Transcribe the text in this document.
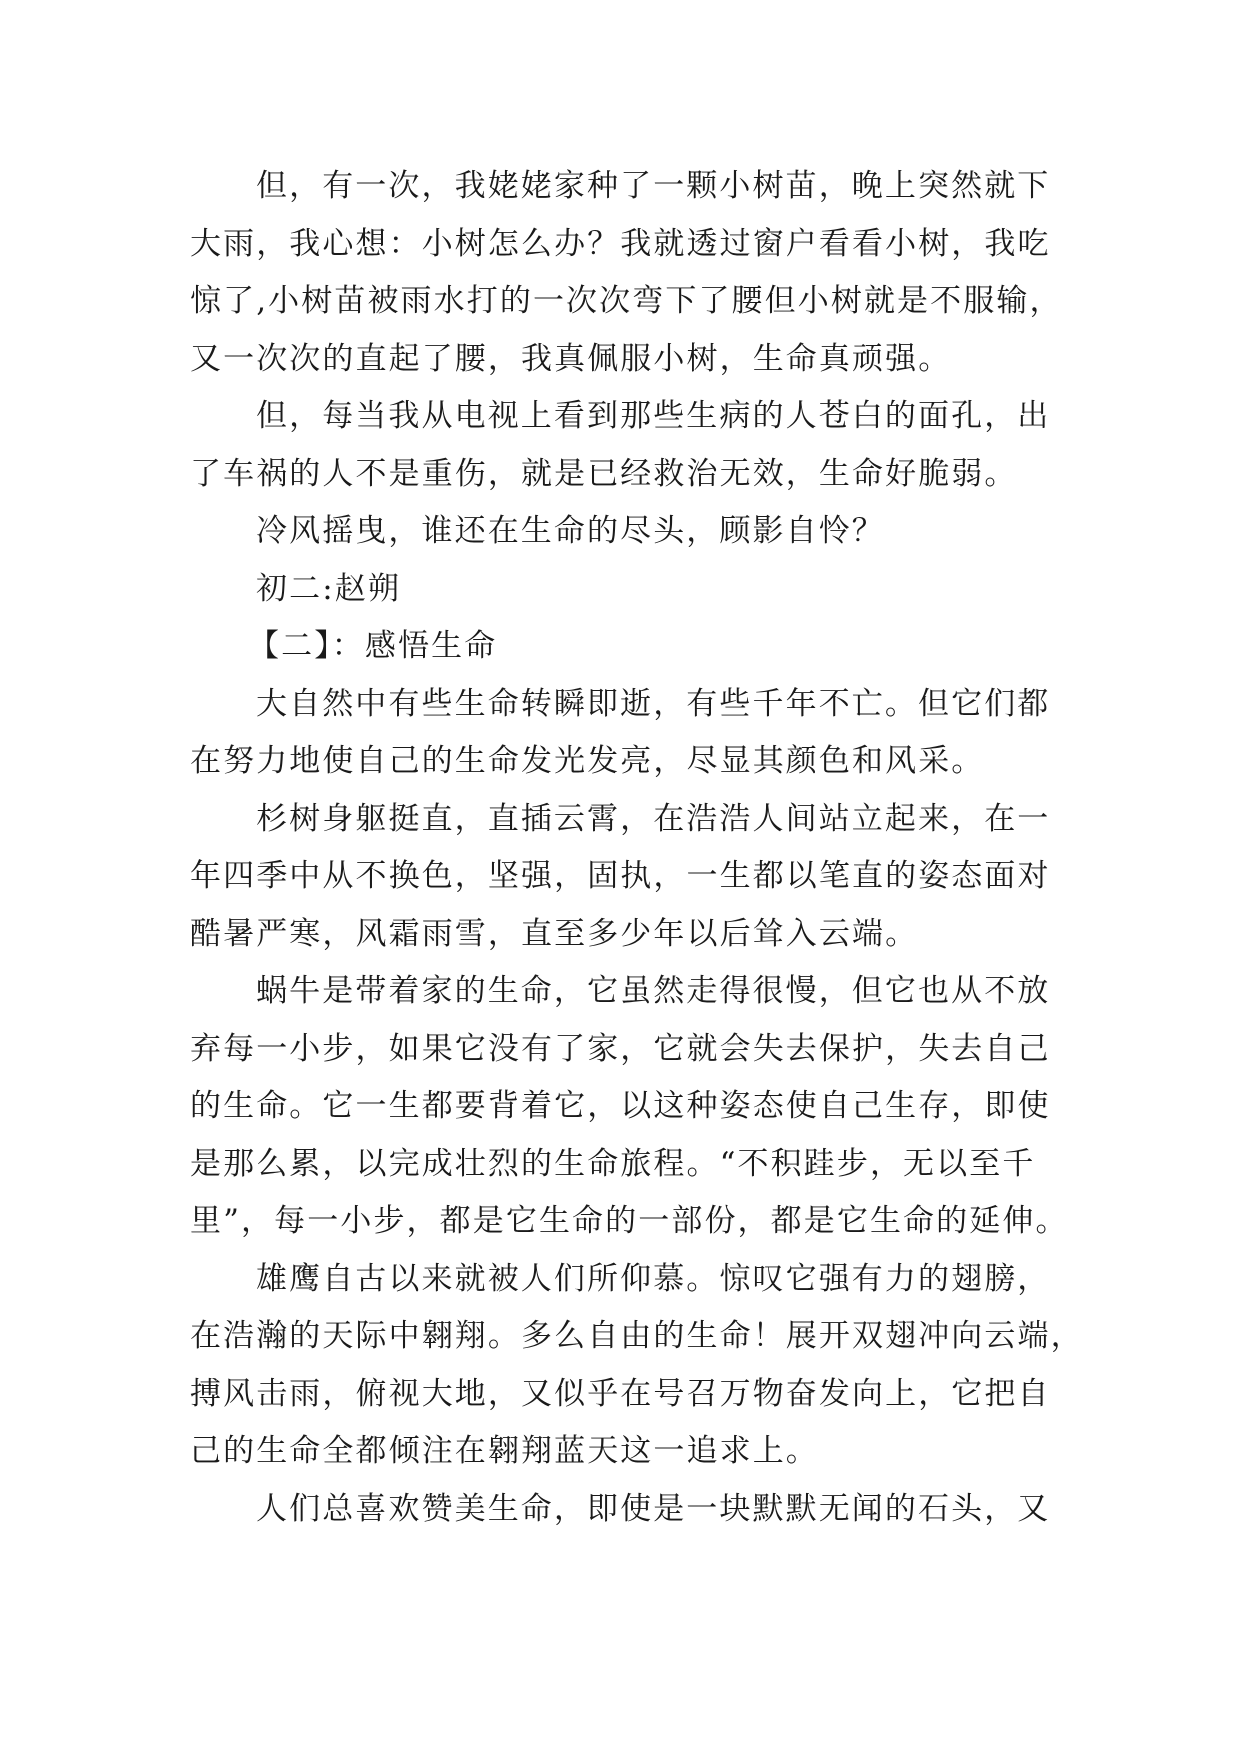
但，有一次，我姥姥家种了一颗小树苗，晚上突然就下
大雨，我心想：小树怎么办？我就透过窗户看看小树，我吃
惊了,小树苗被雨水打的一次次弯下了腰但小树就是不服输，
又一次次的直起了腰，我真佩服小树，生命真顽强。
但，每当我从电视上看到那些生病的人苍白的面孔，出
了车祸的人不是重伤，就是已经救治无效，生命好脆弱。
冷风摇曳，谁还在生命的尽头，顾影自怜？
初二:赵朔
【二】：感悟生命
大自然中有些生命转瞬即逝，有些千年不亡。但它们都
在努力地使自己的生命发光发亮，尽显其颜色和风采。
杉树身躯挺直，直插云霄，在浩浩人间站立起来，在一
年四季中从不换色，坚强，固执，一生都以笔直的姿态面对
酷暑严寒，风霜雨雪，直至多少年以后耸入云端。
蜗牛是带着家的生命，它虽然走得很慢，但它也从不放
弃每一小步，如果它没有了家，它就会失去保护，失去自己
的生命。它一生都要背着它，以这种姿态使自己生存，即使
是那么累，以完成壮烈的生命旅程。“不积跬步，无以至千
里”，每一小步，都是它生命的一部份，都是它生命的延伸。
雄鹰自古以来就被人们所仰慕。惊叹它强有力的翅膀，
在浩瀚的天际中翱翔。多么自由的生命！展开双翅冲向云端，
搏风击雨，俯视大地，又似乎在号召万物奋发向上，它把自
己的生命全都倾注在翱翔蓝天这一追求上。
人们总喜欢赞美生命，即使是一块默默无闻的石头，又
